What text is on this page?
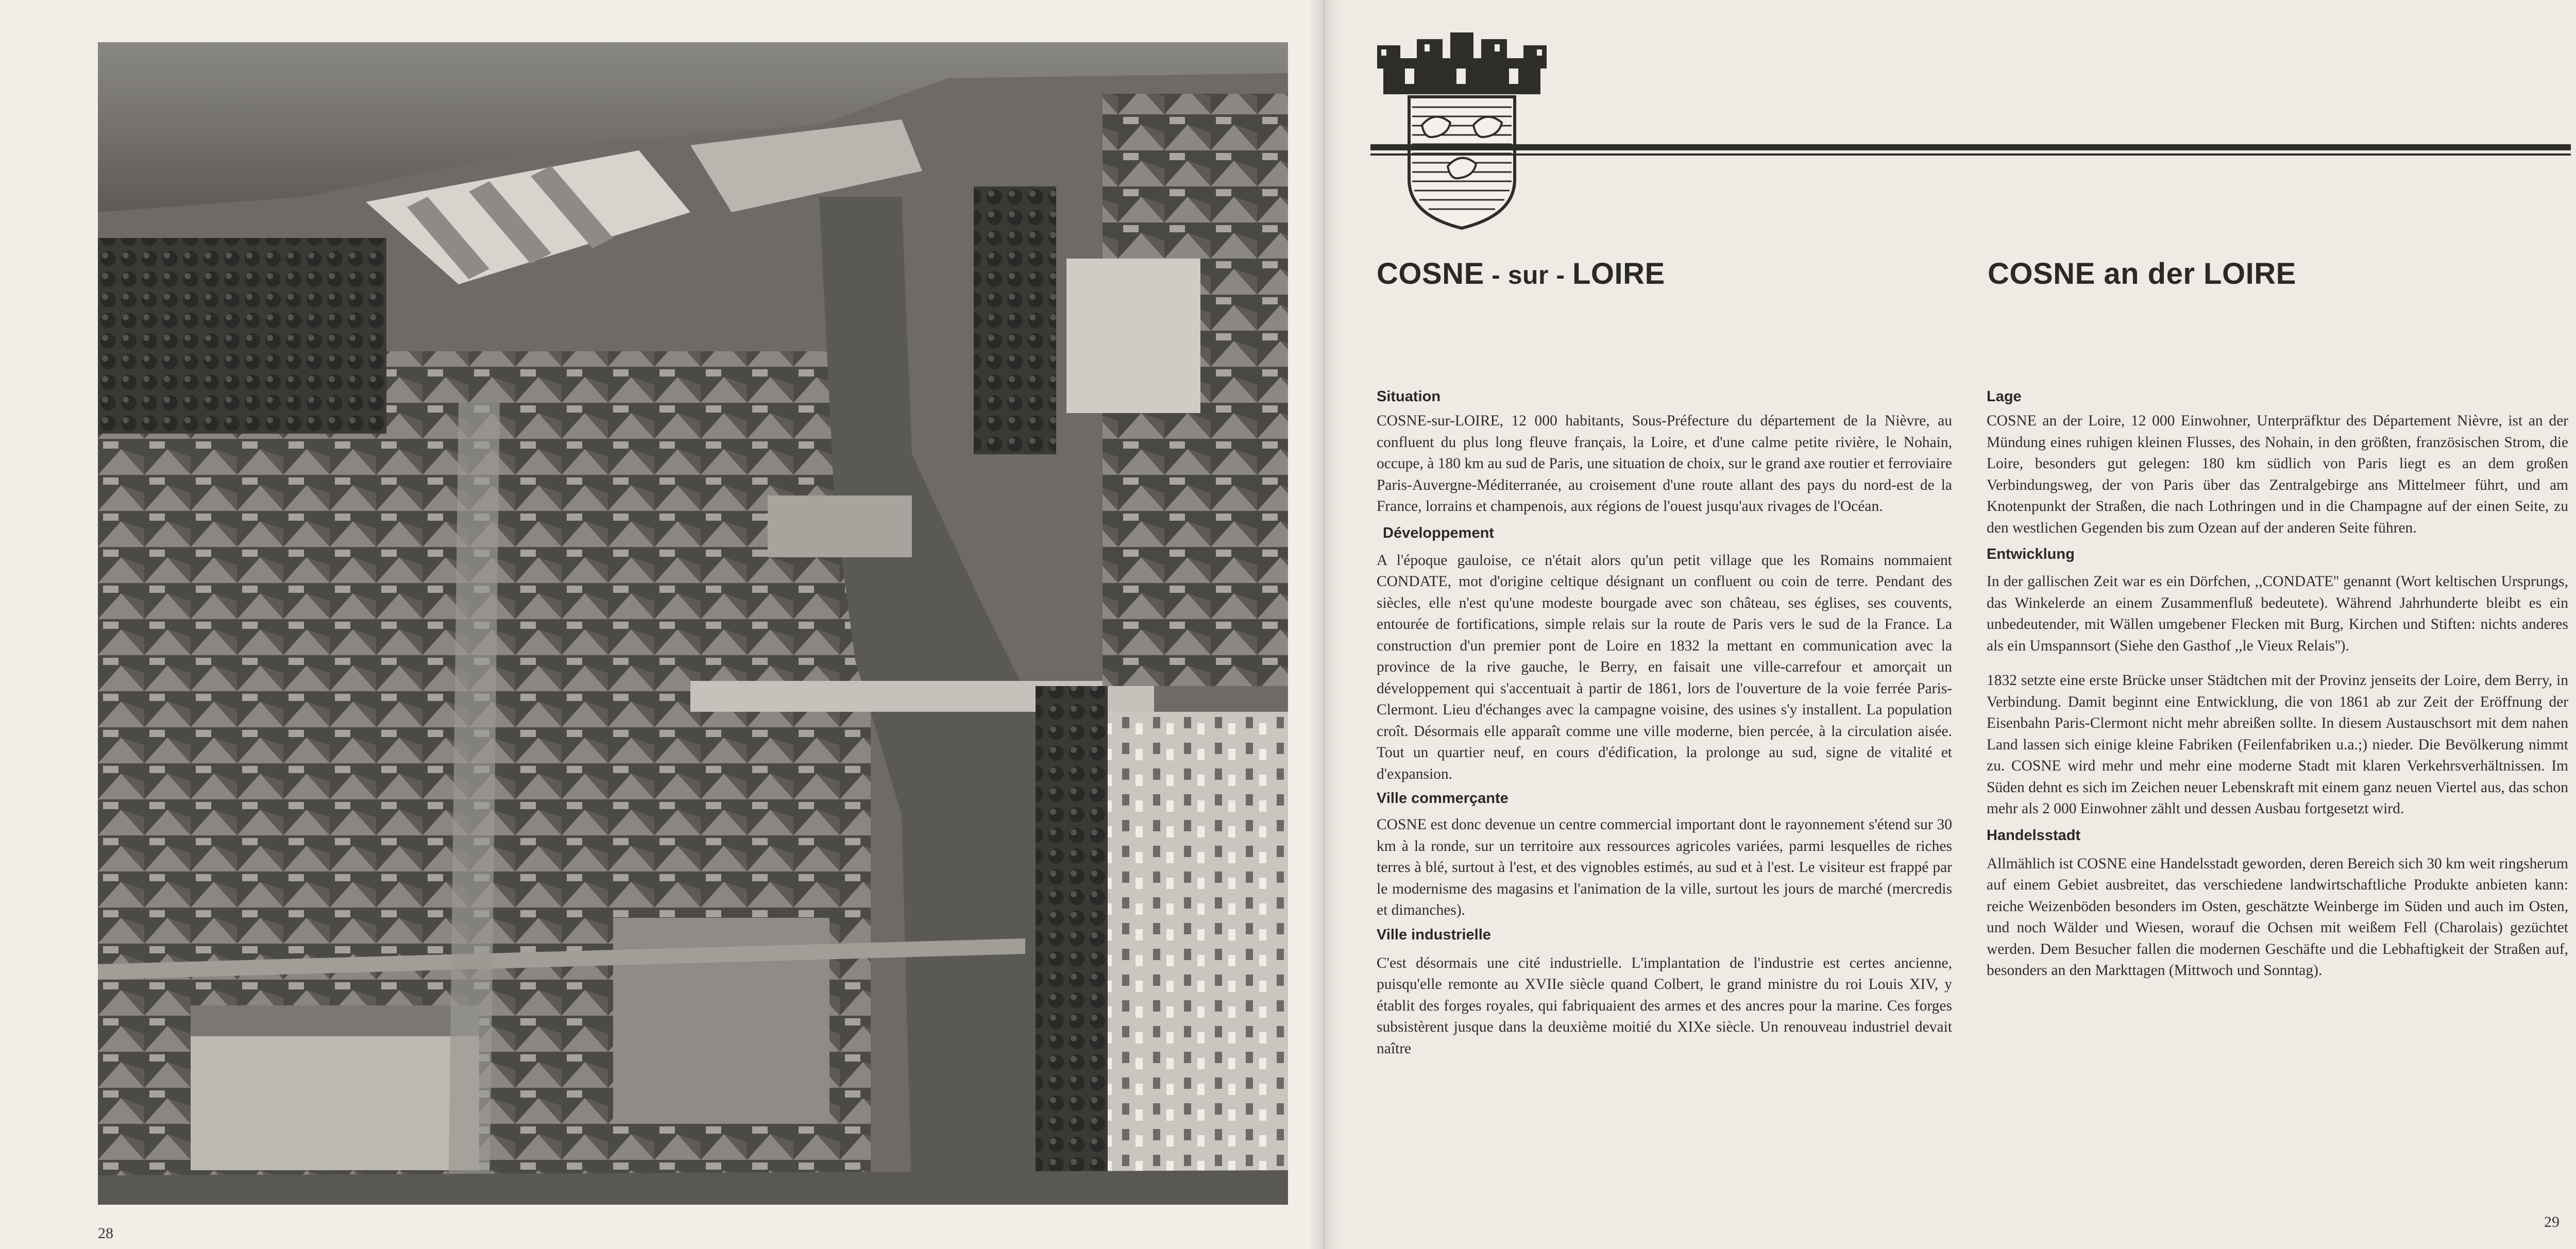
28
COSNE - sur - LOIRE	COSNE an der LOIRE
Situation

COSNE-sur-LOIRE, 12 000 habitants, Sous-Préfecture du département de la Nièvre, au confluent du plus long fleuve français, la Loire, et d'une calme petite rivière, le Nohain, occupe, à 180 km au sud de Paris, une situation de choix, sur le grand axe routier et ferroviaire Paris-Auvergne-Méditerranée, au croisement d'une route allant des pays du nord-est de la France, lorrains et champenois, aux régions de l'ouest jusqu'aux rivages de l'Océan.

Développement

A l'époque gauloise, ce n'était alors qu'un petit village que les Romains nommaient CONDATE, mot d'origine celtique désignant un confluent ou coin de terre. Pendant des siècles, elle n'est qu'une modeste bourgade avec son château, ses églises, ses couvents, entourée de fortifications, simple relais sur la route de Paris vers le sud de la France. La construction d'un premier pont de Loire en 1832 la mettant en communication avec la province de la rive gauche, le Berry, en faisait une ville-carrefour et amorçait un développement qui s'accentuait à partir de 1861, lors de l'ouverture de la voie ferrée Paris-Clermont. Lieu d'échanges avec la campagne voisine, des usines s'y installent. La population croît. Désormais elle apparaît comme une ville moderne, bien percée, à la circulation aisée. Tout un quartier neuf, en cours d'édification, la prolonge au sud, signe de vitalité et d'expansion.

Ville commerçante

COSNE est donc devenue un centre commercial important dont le rayonnement s'étend sur 30 km à la ronde, sur un territoire aux ressources agricoles variées, parmi lesquelles de riches terres à blé, surtout à l'est, et des vignobles estimés, au sud et à l'est. Le visiteur est frappé par le modernisme des magasins et l'animation de la ville, surtout les jours de marché (mercredis et dimanches).

Ville industrielle

C'est désormais une cité industrielle. L'implantation de l'industrie est certes ancienne, puisqu'elle remonte au XVIIe siècle quand Colbert, le grand ministre du roi Louis XIV, y établit des forges royales, qui fabriquaient des armes et des ancres pour la marine. Ces forges subsistèrent jusque dans la deuxième moitié du XIXe siècle. Un renouveau industriel devait naître

Lage

COSNE an der Loire, 12 000 Einwohner, Unterpräfktur des Département Nièvre, ist an der Mündung eines ruhigen kleinen Flusses, des Nohain, in den größten, französischen Strom, die Loire, besonders gut gelegen: 180 km südlich von Paris liegt es an dem großen Verbindungsweg, der von Paris über das Zentralgebirge ans Mittelmeer führt, und am Knotenpunkt der Straßen, die nach Lothringen und in die Champagne auf der einen Seite, zu den westlichen Gegenden bis zum Ozean auf der anderen Seite führen.

Entwicklung

In der gallischen Zeit war es ein Dörfchen, ,,CONDATE'' genannt (Wort keltischen Ursprungs, das Winkelerde an einem Zusammenfluß bedeutete). Während Jahrhunderte bleibt es ein unbedeutender, mit Wällen umgebener Flecken mit Burg, Kirchen und Stiften: nichts anderes als ein Umspannsort (Siehe den Gasthof ,,le Vieux Relais'').

1832 setzte eine erste Brücke unser Städtchen mit der Provinz jenseits der Loire, dem Berry, in Verbindung. Damit beginnt eine Entwicklung, die von 1861 ab zur Zeit der Eröffnung der Eisenbahn Paris-Clermont nicht mehr abreißen sollte. In diesem Austauschsort mit dem nahen Land lassen sich einige kleine Fabriken (Feilenfabriken u.a.;) nieder. Die Bevölkerung nimmt zu. COSNE wird mehr und mehr eine moderne Stadt mit klaren Verkehrsverhältnissen. Im Süden dehnt es sich im Zeichen neuer Lebenskraft mit einem ganz neuen Viertel aus, das schon mehr als 2 000 Einwohner zählt und dessen Ausbau fortgesetzt wird.

Handelsstadt

Allmählich ist COSNE eine Handelsstadt geworden, deren Bereich sich 30 km weit ringsherum auf einem Gebiet ausbreitet, das verschiedene landwirtschaftliche Produkte anbieten kann: reiche Weizenböden besonders im Osten, geschätzte Weinberge im Süden und auch im Osten, und noch Wälder und Wiesen, worauf die Ochsen mit weißem Fell (Charolais) gezüchtet werden. Dem Besucher fallen die modernen Geschäfte und die Lebhaftigkeit der Straßen auf, besonders an den Markttagen (Mittwoch und Sonntag).

29
